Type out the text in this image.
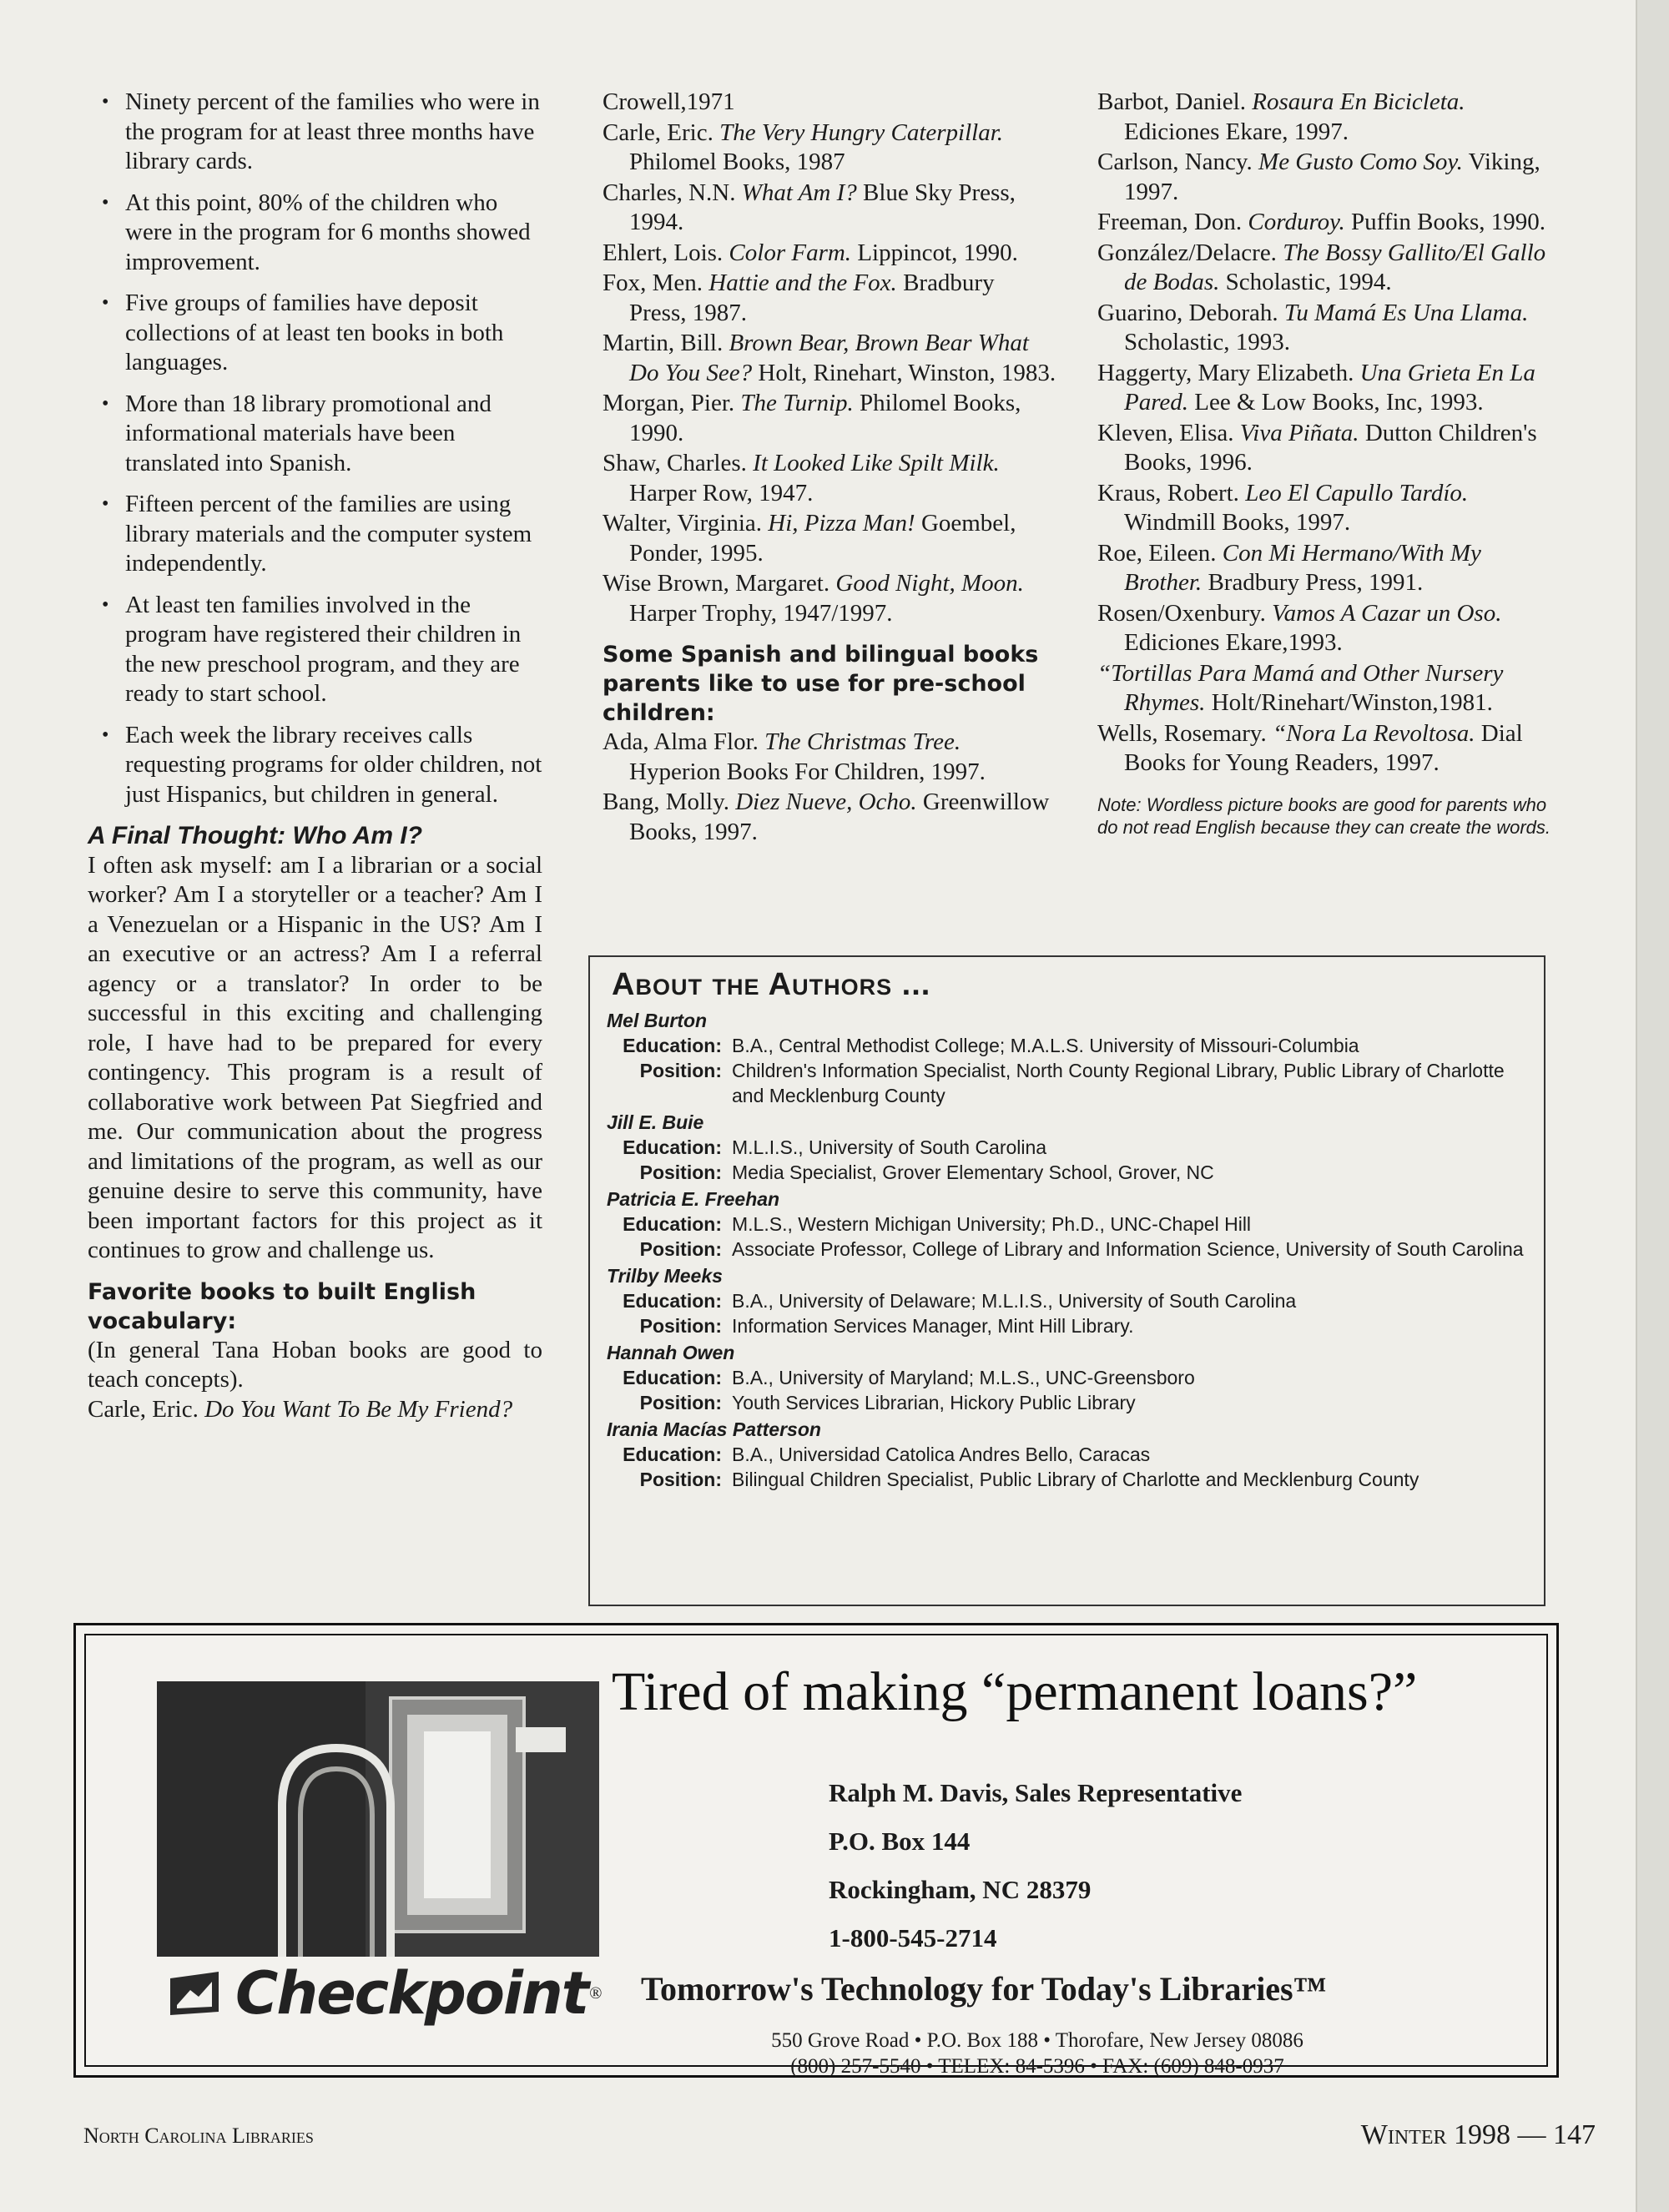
• Ninety percent of the families who were in the program for at least three months have library cards.
• At this point, 80% of the children who were in the program for 6 months showed improvement.
• Five groups of families have deposit collections of at least ten books in both languages.
• More than 18 library promotional and informational materials have been translated into Spanish.
• Fifteen percent of the families are using library materials and the computer system independently.
• At least ten families involved in the program have registered their children in the new preschool program, and they are ready to start school.
• Each week the library receives calls requesting programs for older children, not just Hispanics, but children in general.
A Final Thought: Who Am I?

I often ask myself: am I a librarian or a social worker? Am I a storyteller or a teacher? Am I a Venezuelan or a Hispanic in the US? Am I an executive or an actress? Am I a referral agency or a translator? In order to be successful in this exciting and challenging role, I have had to be prepared for every contingency. This program is a result of collaborative work between Pat Siegfried and me. Our communication about the progress and limitations of the program, as well as our genuine desire to serve this community, have been important factors for this project as it continues to grow and challenge us.

Favorite books to built English vocabulary:

(In general Tana Hoban books are good to teach concepts).

Carle, Eric. Do You Want To Be My Friend?

Crowell,1971

Carle, Eric. The Very Hungry Caterpillar. Philomel Books, 1987

Charles, N.N. What Am I? Blue Sky Press, 1994.

Ehlert, Lois. Color Farm. Lippincot, 1990.

Fox, Men. Hattie and the Fox. Bradbury Press, 1987.

Martin, Bill. Brown Bear, Brown Bear What Do You See? Holt, Rinehart, Winston, 1983.

Morgan, Pier. The Turnip. Philomel Books, 1990.

Shaw, Charles. It Looked Like Spilt Milk. Harper Row, 1947.

Walter, Virginia. Hi, Pizza Man! Goembel, Ponder, 1995.

Wise Brown, Margaret. Good Night, Moon. Harper Trophy, 1947/1997.

Some Spanish and bilingual books parents like to use for pre-school children:

Ada, Alma Flor. The Christmas Tree. Hyperion Books For Children, 1997.

Bang, Molly. Diez Nueve, Ocho. Greenwillow Books, 1997.

Barbot, Daniel. Rosaura En Bicicleta. Ediciones Ekare, 1997.

Carlson, Nancy. Me Gusto Como Soy. Viking, 1997.

Freeman, Don. Corduroy. Puffin Books, 1990.

González/Delacre. The Bossy Gallito/El Gallo de Bodas. Scholastic, 1994.

Guarino, Deborah. Tu Mamá Es Una Llama. Scholastic, 1993.

Haggerty, Mary Elizabeth. Una Grieta En La Pared. Lee & Low Books, Inc, 1993.

Kleven, Elisa. Viva Piñata. Dutton Children's Books, 1996.

Kraus, Robert. Leo El Capullo Tardío. Windmill Books, 1997.

Roe, Eileen. Con Mi Hermano/With My Brother. Bradbury Press, 1991.

Rosen/Oxenbury. Vamos A Cazar un Oso. Ediciones Ekare,1993.

“Tortillas Para Mamá and Other Nursery Rhymes. Holt/Rinehart/Winston,1981.

Wells, Rosemary. “Nora La Revoltosa. Dial Books for Young Readers, 1997.

Note: Wordless picture books are good for parents who do not read English because they can create the words.
About the Authors ...
Mel Burton
Education: B.A., Central Methodist College; M.A.L.S. University of Missouri-Columbia
Position: Children's Information Specialist, North County Regional Library, Public Library of Charlotte and Mecklenburg County
Jill E. Buie
Education: M.L.I.S., University of South Carolina
Position: Media Specialist, Grover Elementary School, Grover, NC
Patricia E. Freehan
Education: M.L.S., Western Michigan University; Ph.D., UNC-Chapel Hill
Position: Associate Professor, College of Library and Information Science, University of South Carolina
Trilby Meeks
Education: B.A., University of Delaware; M.L.I.S., University of South Carolina
Position: Information Services Manager, Mint Hill Library.
Hannah Owen
Education: B.A., University of Maryland; M.L.S., UNC-Greensboro
Position: Youth Services Librarian, Hickory Public Library
Irania Macías Patterson
Education: B.A., Universidad Catolica Andres Bello, Caracas
Position: Bilingual Children Specialist, Public Library of Charlotte and Mecklenburg County
Checkpoint ®
Tired of making “permanent loans?”
Ralph M. Davis, Sales Representative
P.O. Box 144
Rockingham, NC 28379
1-800-545-2714
Tomorrow's Technology for Today's Libraries™
550 Grove Road • P.O. Box 188 • Thorofare, New Jersey 08086
(800) 257-5540 • TELEX: 84-5396 • FAX: (609) 848-0937
North Carolina Libraries	Winter 1998 — 147
